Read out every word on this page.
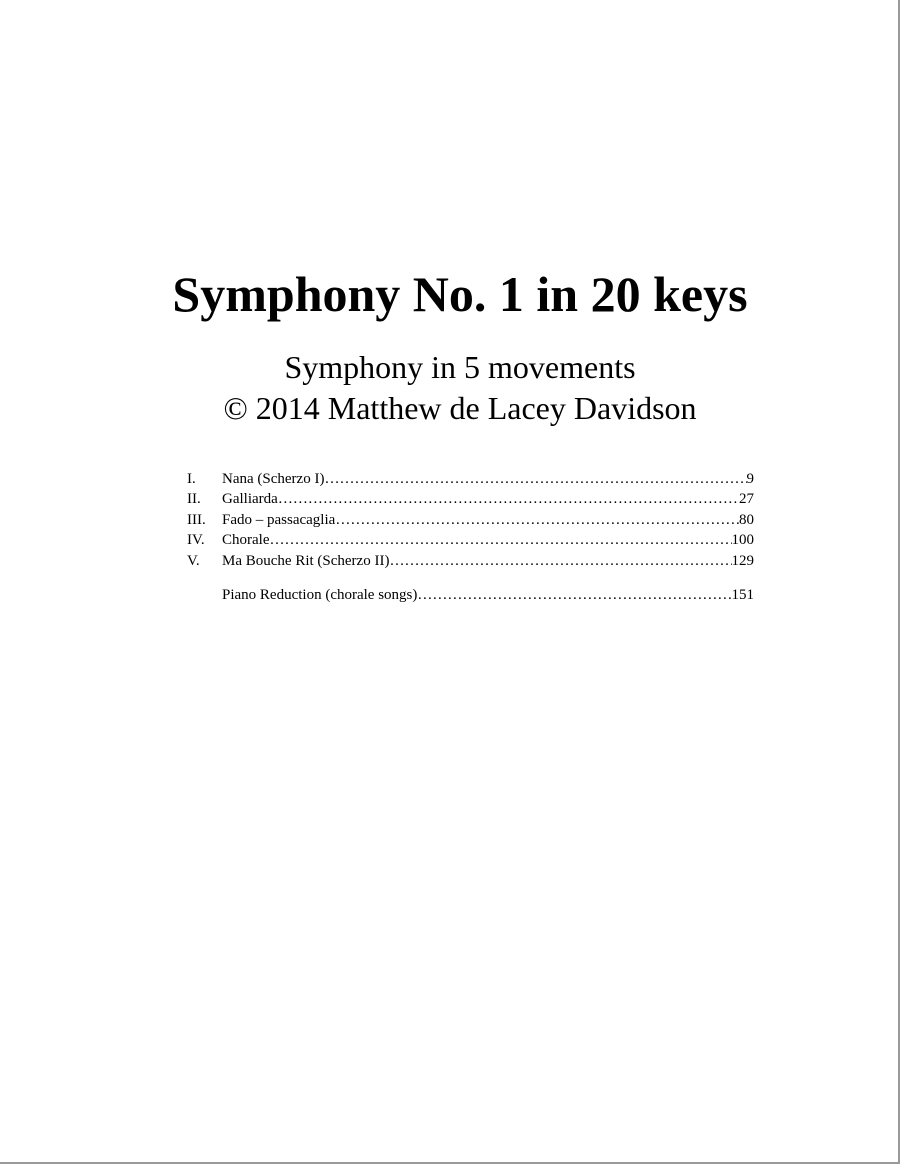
Symphony No. 1 in 20 keys

Symphony in 5 movements

© 2014 Matthew de Lacey Davidson

I.	Nana (Scherzo I) ……………………………………………………………………………………………………………………………………………………	9
II.	Galliarda ……………………………………………………………………………………………………………………………………………………	27
III.	Fado – passacaglia ……………………………………………………………………………………………………………………………………………………	80
IV.	Chorale ……………………………………………………………………………………………………………………………………………………	100
V.	Ma Bouche Rit (Scherzo II) ……………………………………………………………………………………………………………………………………………………	129
Piano Reduction (chorale songs) ……………………………………………………………………………………………………………………………………………………	151
